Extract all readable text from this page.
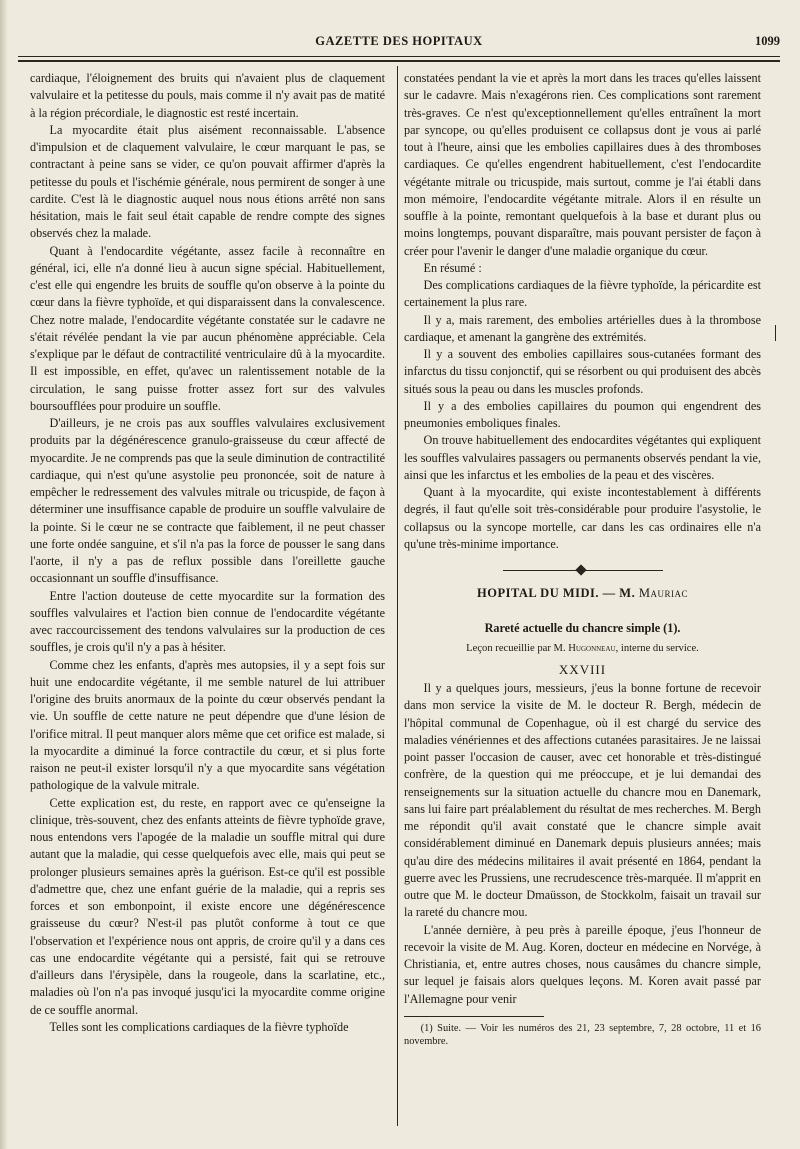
GAZETTE DES HOPITAUX	1099

cardiaque, l'éloignement des bruits qui n'avaient plus de claquement valvulaire et la petitesse du pouls, mais comme il n'y avait pas de matité à la région précordiale, le diagnostic est resté incertain.

La myocardite était plus aisément reconnaissable. L'absence d'impulsion et de claquement valvulaire, le cœur marquant le pas, se contractant à peine sans se vider, ce qu'on pouvait affirmer d'après la petitesse du pouls et l'ischémie générale, nous permirent de songer à une cardite. C'est là le diagnostic auquel nous nous étions arrêté non sans hésitation, mais le fait seul était capable de rendre compte des signes observés chez la malade.

Quant à l'endocardite végétante, assez facile à reconnaître en général, ici, elle n'a donné lieu à aucun signe spécial. Habituellement, c'est elle qui engendre les bruits de souffle qu'on observe à la pointe du cœur dans la fièvre typhoïde, et qui disparaissent dans la convalescence. Chez notre malade, l'endocardite végétante constatée sur le cadavre ne s'était révélée pendant la vie par aucun phénomène appréciable. Cela s'explique par le défaut de contractilité ventriculaire dû à la myocardite. Il est impossible, en effet, qu'avec un ralentissement notable de la circulation, le sang puisse frotter assez fort sur des valvules boursoufflées pour produire un souffle.

D'ailleurs, je ne crois pas aux souffles valvulaires exclusivement produits par la dégénérescence granulo-graisseuse du cœur affecté de myocardite. Je ne comprends pas que la seule diminution de contractilité cardiaque, qui n'est qu'une asystolie peu prononcée, soit de nature à empêcher le redressement des valvules mitrale ou tricuspide, de façon à déterminer une insuffisance capable de produire un souffle valvulaire de la pointe. Si le cœur ne se contracte que faiblement, il ne peut chasser une forte ondée sanguine, et s'il n'a pas la force de pousser le sang dans l'aorte, il n'y a pas de reflux possible dans l'oreillette gauche occasionnant un souffle d'insuffisance.

Entre l'action douteuse de cette myocardite sur la formation des souffles valvulaires et l'action bien connue de l'endocardite végétante avec raccourcissement des tendons valvulaires sur la production de ces souffles, je crois qu'il n'y a pas à hésiter.

Comme chez les enfants, d'après mes autopsies, il y a sept fois sur huit une endocardite végétante, il me semble naturel de lui attribuer l'origine des bruits anormaux de la pointe du cœur observés pendant la vie. Un souffle de cette nature ne peut dépendre que d'une lésion de l'orifice mitral. Il peut manquer alors même que cet orifice est malade, si la myocardite a diminué la force contractile du cœur, et si plus forte raison ne peut-il exister lorsqu'il n'y a que myocardite sans végétation pathologique de la valvule mitrale.

Cette explication est, du reste, en rapport avec ce qu'enseigne la clinique, très-souvent, chez des enfants atteints de fièvre typhoïde grave, nous entendons vers l'apogée de la maladie un souffle mitral qui dure autant que la maladie, qui cesse quelquefois avec elle, mais qui peut se prolonger plusieurs semaines après la guérison. Est-ce qu'il est possible d'admettre que, chez une enfant guérie de la maladie, qui a repris ses forces et son embonpoint, il existe encore une dégénérescence graisseuse du cœur? N'est-il pas plutôt conforme à tout ce que l'observation et l'expérience nous ont appris, de croire qu'il y a dans ces cas une endocardite végétante qui a persisté, fait qui se retrouve d'ailleurs dans l'érysipèle, dans la rougeole, dans la scarlatine, etc., maladies où l'on n'a pas invoqué jusqu'ici la myocardite comme origine de ce souffle anormal.

Telles sont les complications cardiaques de la fièvre typhoïde

constatées pendant la vie et après la mort dans les traces qu'elles laissent sur le cadavre. Mais n'exagérons rien. Ces complications sont rarement très-graves. Ce n'est qu'exceptionnellement qu'elles entraînent la mort par syncope, ou qu'elles produisent ce collapsus dont je vous ai parlé tout à l'heure, ainsi que les embolies capillaires dues à des thromboses cardiaques. Ce qu'elles engendrent habituellement, c'est l'endocardite végétante mitrale ou tricuspide, mais surtout, comme je l'ai établi dans mon mémoire, l'endocardite végétante mitrale. Alors il en résulte un souffle à la pointe, remontant quelquefois à la base et durant plus ou moins longtemps, pouvant disparaître, mais pouvant persister de façon à créer pour l'avenir le danger d'une maladie organique du cœur.

En résumé :

Des complications cardiaques de la fièvre typhoïde, la péricardite est certainement la plus rare.

Il y a, mais rarement, des embolies artérielles dues à la thrombose cardiaque, et amenant la gangrène des extrémités.

Il y a souvent des embolies capillaires sous-cutanées formant des infarctus du tissu conjonctif, qui se résorbent ou qui produisent des abcès situés sous la peau ou dans les muscles profonds.

Il y a des embolies capillaires du poumon qui engendrent des pneumonies emboliques finales.

On trouve habituellement des endocardites végétantes qui expliquent les souffles valvulaires passagers ou permanents observés pendant la vie, ainsi que les infarctus et les embolies de la peau et des viscères.

Quant à la myocardite, qui existe incontestablement à différents degrés, il faut qu'elle soit très-considérable pour produire l'asystolie, le collapsus ou la syncope mortelle, car dans les cas ordinaires elle n'a qu'une très-minime importance.

HOPITAL DU MIDI. — M. Mauriac
Rareté actuelle du chancre simple (1).
Leçon recueillie par M. Hugonneau, interne du service.
XXVIII

Il y a quelques jours, messieurs, j'eus la bonne fortune de recevoir dans mon service la visite de M. le docteur R. Bergh, médecin de l'hôpital communal de Copenhague, où il est chargé du service des maladies vénériennes et des affections cutanées parasitaires. Je ne laissai point passer l'occasion de causer, avec cet honorable et très-distingué confrère, de la question qui me préoccupe, et je lui demandai des renseignements sur la situation actuelle du chancre mou en Danemark, sans lui faire part préalablement du résultat de mes recherches. M. Bergh me répondit qu'il avait constaté que le chancre simple avait considérablement diminué en Danemark depuis plusieurs années; mais qu'au dire des médecins militaires il avait présenté en 1864, pendant la guerre avec les Prussiens, une recrudescence très-marquée. Il m'apprit en outre que M. le docteur Dmaüsson, de Stockkolm, faisait un travail sur la rareté du chancre mou.

L'année dernière, à peu près à pareille époque, j'eus l'honneur de recevoir la visite de M. Aug. Koren, docteur en médecine en Norvége, à Christiania, et, entre autres choses, nous causâmes du chancre simple, sur lequel je faisais alors quelques leçons. M. Koren avait passé par l'Allemagne pour venir

(1) Suite. — Voir les numéros des 21, 23 septembre, 7, 28 octobre, 11 et 16 novembre.
